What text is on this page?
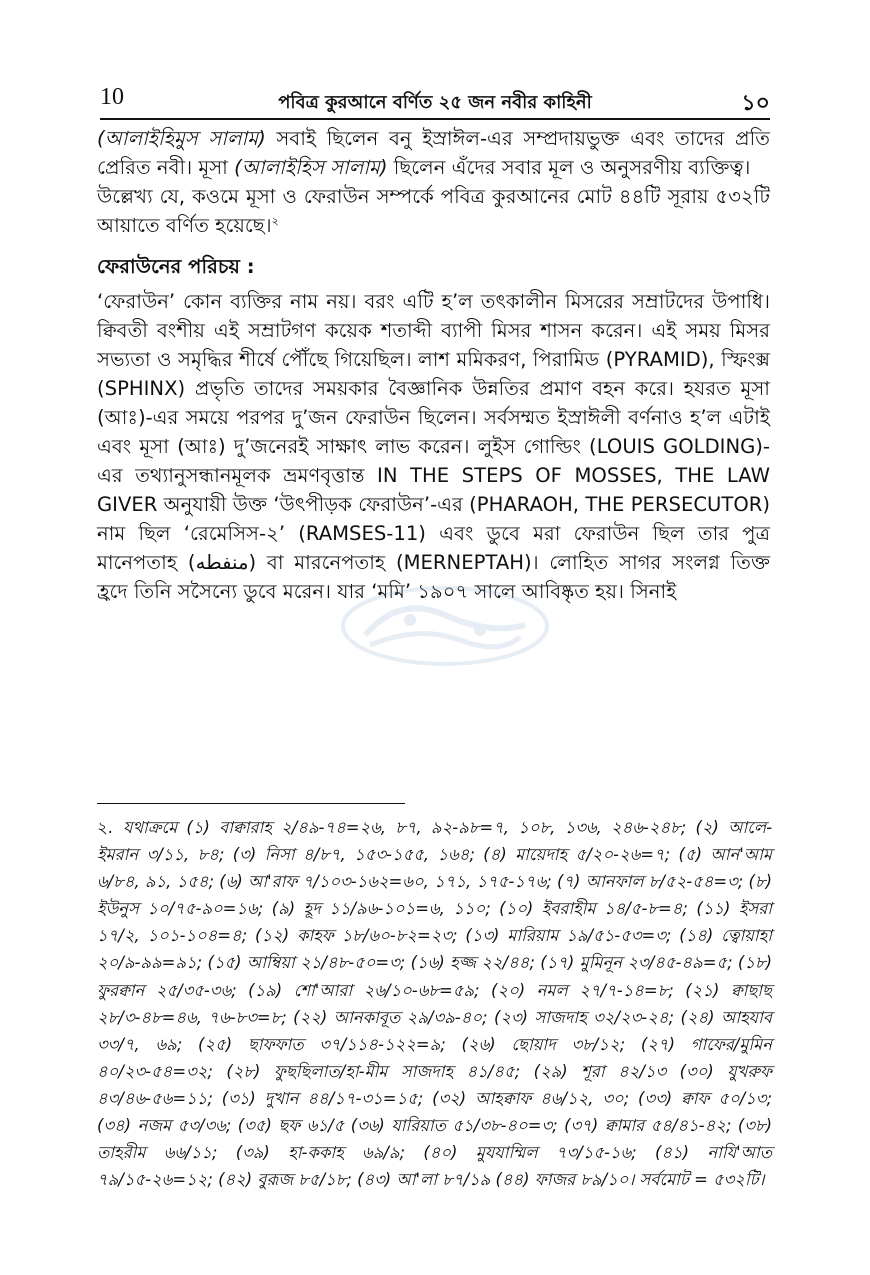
10	পবিত্র কুরআনে বর্ণিত ২৫ জন নবীর কাহিনী	১০

(আলাইহিমুস সালাম) সবাই ছিলেন বনু ইস্রাঈল-এর সম্প্রদায়ভুক্ত এবং তাদের প্রতি প্রেরিত নবী। মূসা (আলাইহিস সালাম) ছিলেন এঁদের সবার মূল ও অনুসরণীয় ব্যক্তিত্ব।

উল্লেখ্য যে, কওমে মূসা ও ফেরাউন সম্পর্কে পবিত্র কুরআনের মোট ৪৪টি সূরায় ৫৩২টি আয়াতে বর্ণিত হয়েছে।$^২$

ফেরাউনের পরিচয় :

‘ফেরাউন’ কোন ব্যক্তির নাম নয়। বরং এটি হ’ল তৎকালীন মিসরের সম্রাটদের উপাধি। ক্বিবতী বংশীয় এই সম্রাটগণ কয়েক শতাব্দী ব্যাপী মিসর শাসন করেন। এই সময় মিসর সভ্যতা ও সমৃদ্ধির শীর্ষে পৌঁছে গিয়েছিল। লাশ মমিকরণ, পিরামিড (PYRAMID), স্ফিংক্স (SPHINX) প্রভৃতি তাদের সময়কার বৈজ্ঞানিক উন্নতির প্রমাণ বহন করে। হযরত মূসা (আঃ)-এর সময়ে পরপর দু’জন ফেরাউন ছিলেন। সর্বসম্মত ইস্রাঈলী বর্ণনাও হ’ল এটাই এবং মূসা (আঃ) দু’জনেরই সাক্ষাৎ লাভ করেন। লুইস গোল্ডিং (LOUIS GOLDING)-এর তথ্যানুসন্ধানমূলক ভ্রমণবৃত্তান্ত IN THE STEPS OF MOSSES, THE LAW GIVER অনুযায়ী উক্ত ‘উৎপীড়ক ফেরাউন’-এর (PHARAOH, THE PERSECUTOR) নাম ছিল ‘রেমেসিস-২’ (RAMSES-11) এবং ডুবে মরা ফেরাউন ছিল তার পুত্র মানেপতাহ (منفطه) বা মারনেপতাহ (MERNEPTAH)। লোহিত সাগর সংলগ্ন তিক্ত হ্রদে তিনি সসৈন্যে ডুবে মরেন। যার ‘মমি’ ১৯০৭ সালে আবিষ্কৃত হয়। সিনাই

২. যথাক্রমে (১) বাক্বারাহ ২/৪৯-৭৪=২৬, ৮৭, ৯২-৯৮=৭, ১০৮, ১৩৬, ২৪৬-২৪৮; (২) আলে-ইমরান ৩/১১, ৮৪; (৩) নিসা ৪/৮৭, ১৫৩-১৫৫, ১৬৪; (৪) মায়েদাহ ৫/২০-২৬=৭; (৫) আন'আম ৬/৮৪, ৯১, ১৫৪; (৬) আ'রাফ ৭/১০৩-১৬২=৬০, ১৭১, ১৭৫-১৭৬; (৭) আনফাল ৮/৫২-৫৪=৩; (৮) ইউনুস ১০/৭৫-৯০=১৬; (৯) হূদ ১১/৯৬-১০১=৬, ১১০; (১০) ইবরাহীম ১৪/৫-৮=৪; (১১) ইসরা ১৭/২, ১০১-১০৪=৪; (১২) কাহফ ১৮/৬০-৮২=২৩; (১৩) মারিয়াম ১৯/৫১-৫৩=৩; (১৪) ত্বোয়াহা ২০/৯-৯৯=৯১; (১৫) আম্বিয়া ২১/৪৮-৫০=৩; (১৬) হজ্জ ২২/৪৪; (১৭) মুমিনূন ২৩/৪৫-৪৯=৫; (১৮) ফুরক্বান ২৫/৩৫-৩৬; (১৯) শো'আরা ২৬/১০-৬৮=৫৯; (২০) নমল ২৭/৭-১৪=৮; (২১) ক্বাছাছ ২৮/৩-৪৮=৪৬, ৭৬-৮৩=৮; (২২) আনকাবূত ২৯/৩৯-৪০; (২৩) সাজদাহ ৩২/২৩-২৪; (২৪) আহযাব ৩৩/৭, ৬৯; (২৫) ছাফফাত ৩৭/১১৪-১২২=৯; (২৬) ছোয়াদ ৩৮/১২; (২৭) গাফের/মুমিন ৪০/২৩-৫৪=৩২; (২৮) ফুছছিলাত/হা-মীম সাজদাহ ৪১/৪৫; (২৯) শূরা ৪২/১৩ (৩০) যুখরুফ ৪৩/৪৬-৫৬=১১; (৩১) দুখান ৪৪/১৭-৩১=১৫; (৩২) আহক্বাফ ৪৬/১২, ৩০; (৩৩) ক্বাফ ৫০/১৩; (৩৪) নজম ৫৩/৩৬; (৩৫) ছফ ৬১/৫ (৩৬) যারিয়াত ৫১/৩৮-৪০=৩; (৩৭) ক্বামার ৫৪/৪১-৪২; (৩৮) তাহরীম ৬৬/১১; (৩৯) হা-ককাহ ৬৯/৯; (৪০) মুযযাম্মিল ৭৩/১৫-১৬; (৪১) নাযি'আত ৭৯/১৫-২৬=১২; (৪২) বুরূজ ৮৫/১৮; (৪৩) আ'লা ৮৭/১৯ (৪৪) ফাজর ৮৯/১০। সর্বমোট = ৫৩২টি।
